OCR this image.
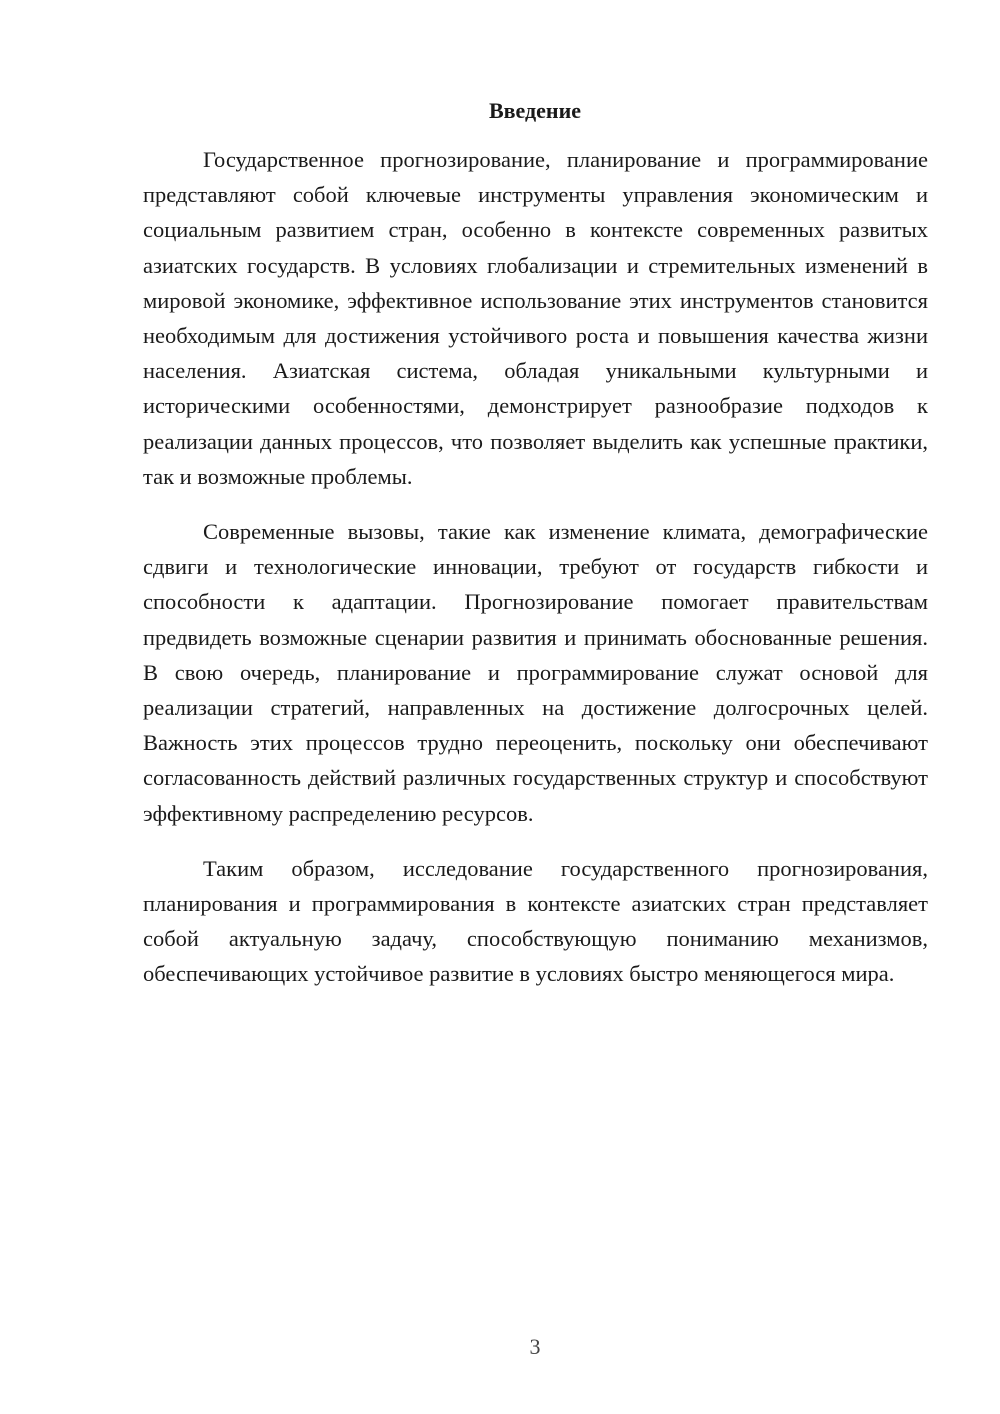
Введение

Государственное прогнозирование, планирование и программирование представляют собой ключевые инструменты управления экономическим и социальным развитием стран, особенно в контексте современных развитых азиатских государств. В условиях глобализации и стремительных изменений в мировой экономике, эффективное использование этих инструментов становится необходимым для достижения устойчивого роста и повышения качества жизни населения. Азиатская система, обладая уникальными культурными и историческими особенностями, демонстрирует разнообразие подходов к реализации данных процессов, что позволяет выделить как успешные практики, так и возможные проблемы.

Современные вызовы, такие как изменение климата, демографические сдвиги и технологические инновации, требуют от государств гибкости и способности к адаптации. Прогнозирование помогает правительствам предвидеть возможные сценарии развития и принимать обоснованные решения. В свою очередь, планирование и программирование служат основой для реализации стратегий, направленных на достижение долгосрочных целей. Важность этих процессов трудно переоценить, поскольку они обеспечивают согласованность действий различных государственных структур и способствуют эффективному распределению ресурсов.

Таким образом, исследование государственного прогнозирования, планирования и программирования в контексте азиатских стран представляет собой актуальную задачу, способствующую пониманию механизмов, обеспечивающих устойчивое развитие в условиях быстро меняющегося мира.

3
